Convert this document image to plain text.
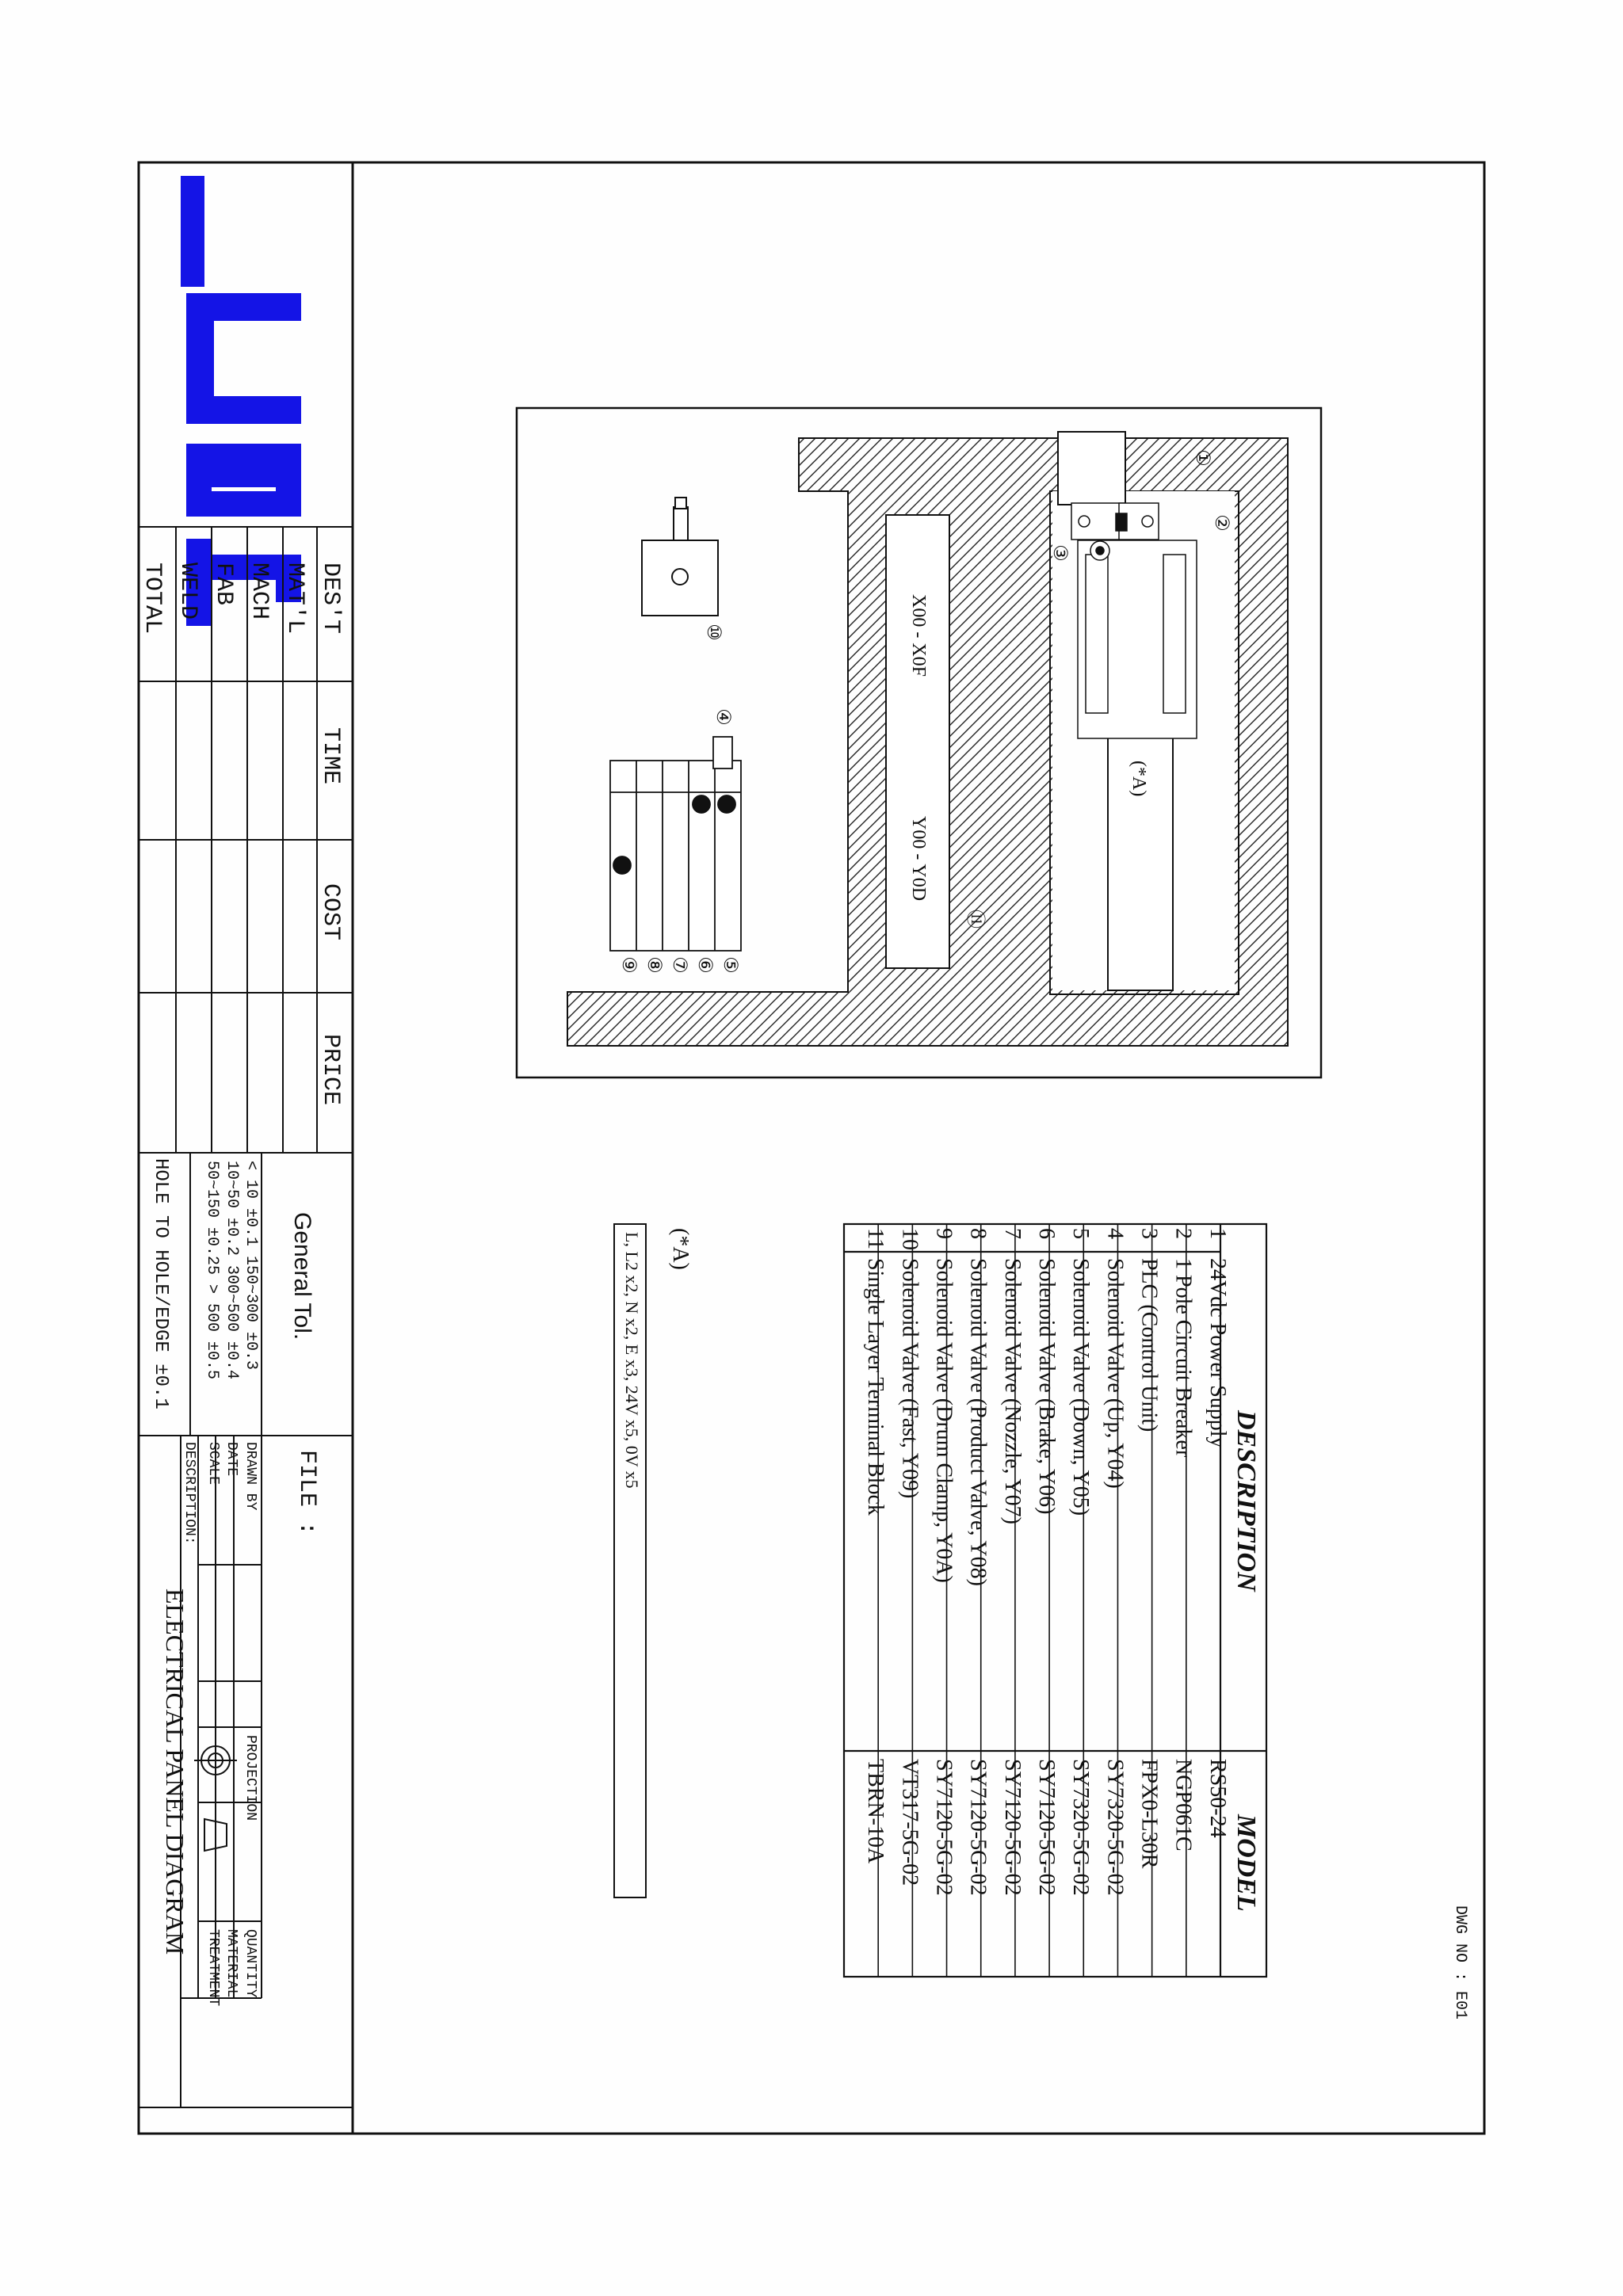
①
②
③
④
⑤
⑥
⑦
⑧
⑨
⑩
⑪
X00 - X0F
Y00 - Y0D
(*A)
DESCRIPTION
MODEL
1
24Vdc Power Supply
RS50-24
2
1 Pole Circuit Breaker
NGP061C
3
PLC (Control Unit)
FPX0-L30R
4
Solenoid Valve (Up, Y04)
SY7320-5G-02
5
Solenoid Valve (Down, Y05)
SY7320-5G-02
6
Solenoid Valve (Brake, Y06)
SY7120-5G-02
7
Solenoid Valve (Nozzle, Y07)
SY7120-5G-02
8
Solenoid Valve (Product Valve, Y08)
SY7120-5G-02
9
Solenoid Valve (Drum Clamp, Y0A)
SY7120-5G-02
10
Solenoid Valve (Fast, Y09)
VT317-5G-02
11
Single Layer Terminal Block
TBRN-10A
(*A)
L, L2 x2, N x2, E x3, 24V x5, 0V x5
DWG NO : E01
DES'T
MAT'L
MACH
FAB
WELD
TOTAL
TIME
COST
PRICE
General Tol.
< 10 ±0.1 150~300 ±0.3
10~50 ±0.2 300~500 ±0.4
50~150 ±0.25 > 500 ±0.5
HOLE TO HOLE/EDGE ±0.1
FILE :
DRAWN BY
DATE
SCALE
DESCRIPTION:
ELECTRICAL PANEL DIAGRAM	PROJECTION
QUANTITY
MATERIAL
TREATMENT
